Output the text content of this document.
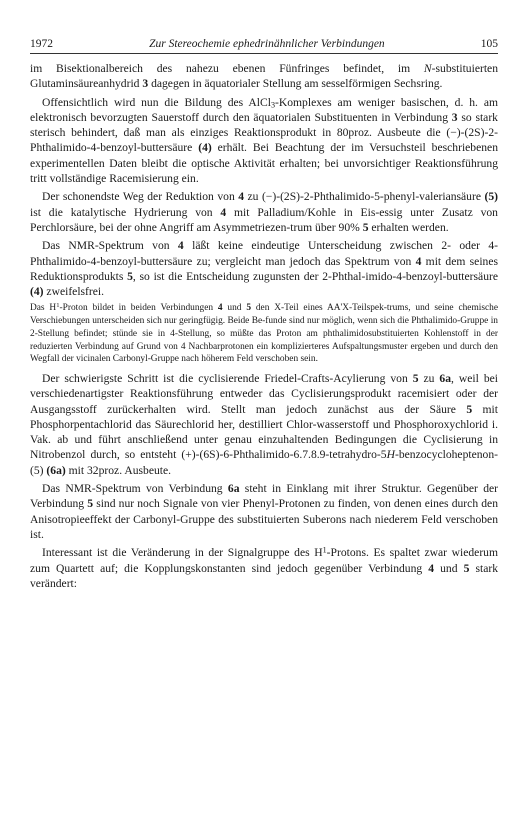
1972	Zur Stereochemie ephedrinähnlicher Verbindungen	105

im Bisektionalbereich des nahezu ebenen Fünfringes befindet, im N-substituierten Glutaminsäureanhydrid 3 dagegen in äquatorialer Stellung am sesselförmigen Sechsring.

Offensichtlich wird nun die Bildung des AlCl$_3$-Komplexes am weniger basischen, d. h. am elektronisch bevorzugten Sauerstoff durch den äquatorialen Substituenten in Verbindung 3 so stark sterisch behindert, daß man als einziges Reaktionsprodukt in 80proz. Ausbeute die (−)-(2S)-2-Phthalimido-4-benzoyl-buttersäure (4) erhält. Bei Beachtung der im Versuchsteil beschriebenen experimentellen Daten bleibt die optische Aktivität erhalten; bei unvorsichtiger Reaktionsführung tritt vollständige Racemisierung ein.

Der schonendste Weg der Reduktion von 4 zu (−)-(2S)-2-Phthalimido-5-phenyl-valeriansäure (5) ist die katalytische Hydrierung von 4 mit Palladium/Kohle in Eis-essig unter Zusatz von Perchlorsäure, bei der ohne Angriff am Asymmetriezen-trum über 90% 5 erhalten werden.

Das NMR-Spektrum von 4 läßt keine eindeutige Unterscheidung zwischen 2- oder 4-Phthalimido-4-benzoyl-buttersäure zu; vergleicht man jedoch das Spektrum von 4 mit dem seines Reduktionsprodukts 5, so ist die Entscheidung zugunsten der 2-Phthal-imido-4-benzoyl-buttersäure (4) zweifelsfrei.

Das $H^1$-Proton bildet in beiden Verbindungen 4 und 5 den X-Teil eines AA'X-Teilspek-trums, und seine chemische Verschiebungen unterscheiden sich nur geringfügig. Beide Be-funde sind nur möglich, wenn sich die Phthalimido-Gruppe in 2-Stellung befindet; stünde sie in 4-Stellung, so müßte das Proton am phthalimidosubstituierten Kohlenstoff in der reduzierten Verbindung auf Grund von 4 Nachbarprotonen ein komplizierteres Aufspaltungsmuster ergeben und durch den Wegfall der vicinalen Carbonyl-Gruppe nach höherem Feld verschoben sein.

Der schwierigste Schritt ist die cyclisierende Friedel-Crafts-Acylierung von 5 zu 6a, weil bei verschiedenartigster Reaktionsführung entweder das Cyclisierungsprodukt racemisiert oder der Ausgangsstoff zurückerhalten wird. Stellt man jedoch zunächst aus der Säure 5 mit Phosphorpentachlorid das Säurechlorid her, destilliert Chlor-wasserstoff und Phosphoroxychlorid i. Vak. ab und führt anschließend unter genau einzuhaltenden Bedingungen die Cyclisierung in Nitrobenzol durch, so entsteht (+)-(6S)-6-Phthalimido-6.7.8.9-tetrahydro-5H-benzocycloheptenon-(5) (6a) mit 32proz. Ausbeute.

Das NMR-Spektrum von Verbindung 6a steht in Einklang mit ihrer Struktur. Gegenüber der Verbindung 5 sind nur noch Signale von vier Phenyl-Protonen zu finden, von denen eines durch den Anisotropieeffekt der Carbonyl-Gruppe des substituierten Suberons nach niederem Feld verschoben ist.

Interessant ist die Veränderung in der Signalgruppe des $H^1$-Protons. Es spaltet zwar wiederum zum Quartett auf; die Kopplungskonstanten sind jedoch gegenüber Verbindung 4 und 5 stark verändert:
